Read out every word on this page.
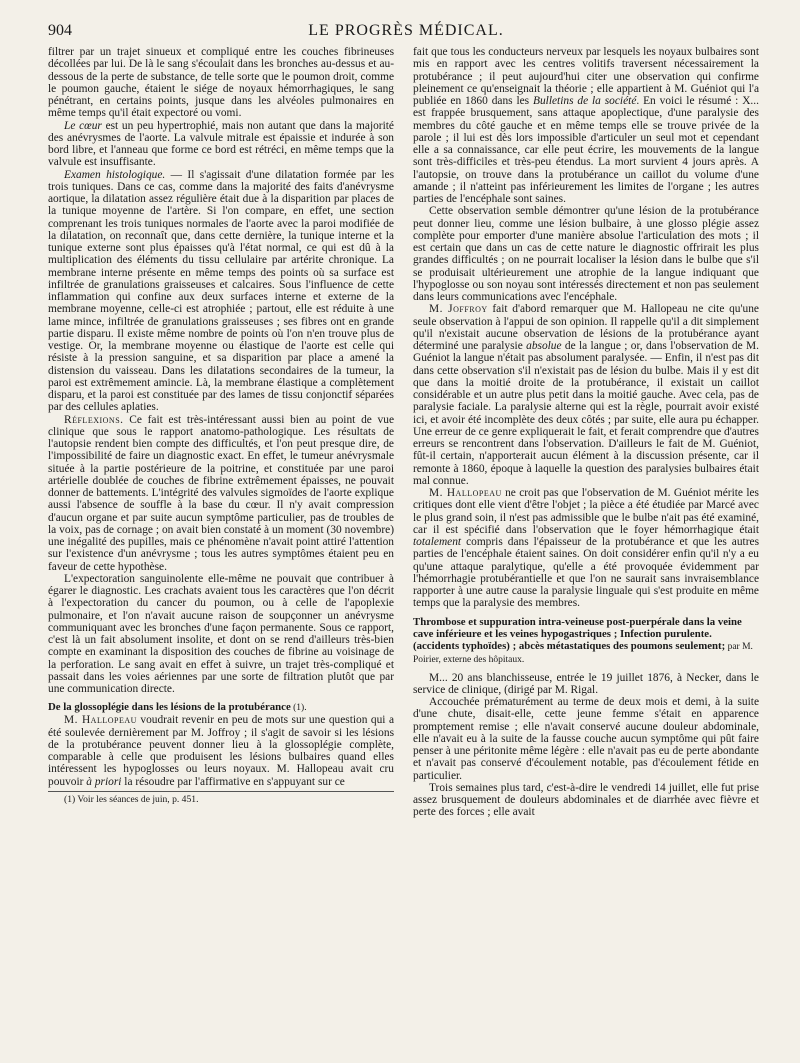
904	LE PROGRÈS MÉDICAL.

filtrer par un trajet sinueux et compliqué entre les couches fibrineuses décollées par lui. De là le sang s'écoulait dans les bronches au-dessus et au-dessous de la perte de substance, de telle sorte que le poumon droit, comme le poumon gauche, étaient le siége de noyaux hémorrhagiques, le sang pénétrant, en certains points, jusque dans les alvéoles pulmonaires en même temps qu'il était expectoré ou vomi.

Le cœur est un peu hypertrophié, mais non autant que dans la majorité des anévrysmes de l'aorte. La valvule mitrale est épaissie et indurée à son bord libre, et l'anneau que forme ce bord est rétréci, en même temps que la valvule est insuffisante.

Examen histologique. — Il s'agissait d'une dilatation formée par les trois tuniques. Dans ce cas, comme dans la majorité des faits d'anévrysme aortique, la dilatation assez régulière était due à la disparition par places de la tunique moyenne de l'artère. Si l'on compare, en effet, une section comprenant les trois tuniques normales de l'aorte avec la paroi modifiée de la dilatation, on reconnaît que, dans cette dernière, la tunique interne et la tunique externe sont plus épaisses qu'à l'état normal, ce qui est dû à la multiplication des éléments du tissu cellulaire par artérite chronique. La membrane interne présente en même temps des points où sa surface est infiltrée de granulations graisseuses et calcaires. Sous l'influence de cette inflammation qui confine aux deux surfaces interne et externe de la membrane moyenne, celle-ci est atrophiée ; partout, elle est réduite à une lame mince, infiltrée de granulations graisseuses ; ses fibres ont en grande partie disparu. Il existe même nombre de points où l'on n'en trouve plus de vestige. Or, la membrane moyenne ou élastique de l'aorte est celle qui résiste à la pression sanguine, et sa disparition par place a amené la distension du vaisseau. Dans les dilatations secondaires de la tumeur, la paroi est extrêmement amincie. Là, la membrane élastique a complètement disparu, et la paroi est constituée par des lames de tissu conjonctif séparées par des cellules aplaties.

Réflexions. Ce fait est très-intéressant aussi bien au point de vue clinique que sous le rapport anatomo-pathologique. Les résultats de l'autopsie rendent bien compte des difficultés, et l'on peut presque dire, de l'impossibilité de faire un diagnostic exact. En effet, le tumeur anévrysmale située à la partie postérieure de la poitrine, et constituée par une paroi artérielle doublée de couches de fibrine extrêmement épaisses, ne pouvait donner de battements. L'intégrité des valvules sigmoïdes de l'aorte explique aussi l'absence de souffle à la base du cœur. Il n'y avait compression d'aucun organe et par suite aucun symptôme particulier, pas de troubles de la voix, pas de cornage ; on avait bien constaté à un moment (30 novembre) une inégalité des pupilles, mais ce phénomène n'avait point attiré l'attention sur l'existence d'un anévrysme ; tous les autres symptômes étaient peu en faveur de cette hypothèse.

L'expectoration sanguinolente elle-même ne pouvait que contribuer à égarer le diagnostic. Les crachats avaient tous les caractères que l'on décrit à l'expectoration du cancer du poumon, ou à celle de l'apoplexie pulmonaire, et l'on n'avait aucune raison de soupçonner un anévrysme communiquant avec les bronches d'une façon permanente. Sous ce rapport, c'est là un fait absolument insolite, et dont on se rend d'ailleurs très-bien compte en examinant la disposition des couches de fibrine au voisinage de la perforation. Le sang avait en effet à suivre, un trajet très-compliqué et passait dans les voies aériennes par une sorte de filtration plutôt que par une communication directe.

De la glossoplégie dans les lésions de la protubérance (1).

M. Hallopeau voudrait revenir en peu de mots sur une question qui a été soulevée dernièrement par M. Joffroy ; il s'agit de savoir si les lésions de la protubérance peuvent donner lieu à la glossoplégie complète, comparable à celle que produisent les lésions bulbaires quand elles intéressent les hypoglosses ou leurs noyaux. M. Hallopeau avait cru pouvoir à priori la résoudre par l'affirmative en s'appuyant sur ce

(1) Voir les séances de juin, p. 451.

fait que tous les conducteurs nerveux par lesquels les noyaux bulbaires sont mis en rapport avec les centres volitifs traversent nécessairement la protubérance ; il peut aujourd'hui citer une observation qui confirme pleinement ce qu'enseignait la théorie ; elle appartient à M. Guéniot qui l'a publiée en 1860 dans les Bulletins de la société. En voici le résumé : X... est frappée brusquement, sans attaque apoplectique, d'une paralysie des membres du côté gauche et en même temps elle se trouve privée de la parole ; il lui est dès lors impossible d'articuler un seul mot et cependant elle a sa connaissance, car elle peut écrire, les mouvements de la langue sont très-difficiles et très-peu étendus. La mort survient 4 jours après. A l'autopsie, on trouve dans la protubérance un caillot du volume d'une amande ; il n'atteint pas inférieurement les limites de l'organe ; les autres parties de l'encéphale sont saines.

Cette observation semble démontrer qu'une lésion de la protubérance peut donner lieu, comme une lésion bulbaire, à une glosso plégie assez complète pour emporter d'une manière absolue l'articulation des mots ; il est certain que dans un cas de cette nature le diagnostic offrirait les plus grandes difficultés ; on ne pourrait localiser la lésion dans le bulbe que s'il se produisait ultérieurement une atrophie de la langue indiquant que l'hypoglosse ou son noyau sont intéressés directement et non pas seulement dans leurs communications avec l'encéphale.

M. Joffroy fait d'abord remarquer que M. Hallopeau ne cite qu'une seule observation à l'appui de son opinion. Il rappelle qu'il a dit simplement qu'il n'existait aucune observation de lésions de la protubérance ayant déterminé une paralysie absolue de la langue ; or, dans l'observation de M. Guéniot la langue n'était pas absolument paralysée. — Enfin, il n'est pas dit dans cette observation s'il n'existait pas de lésion du bulbe. Mais il y est dit que dans la moitié droite de la protubérance, il existait un caillot considérable et un autre plus petit dans la moitié gauche. Avec cela, pas de paralysie faciale. La paralysie alterne qui est la règle, pourrait avoir existé ici, et avoir été incomplète des deux côtés ; par suite, elle aura pu échapper. Une erreur de ce genre expliquerait le fait, et ferait comprendre que d'autres erreurs se rencontrent dans l'observation. D'ailleurs le fait de M. Guéniot, fût-il certain, n'apporterait aucun élément à la discussion présente, car il remonte à 1860, époque à laquelle la question des paralysies bulbaires était mal connue.

M. Hallopeau ne croit pas que l'observation de M. Guéniot mérite les critiques dont elle vient d'être l'objet ; la pièce a été étudiée par Marcé avec le plus grand soin, il n'est pas admissible que le bulbe n'ait pas été examiné, car il est spécifié dans l'observation que le foyer hémorrhagique était totalement compris dans l'épaisseur de la protubérance et que les autres parties de l'encéphale étaient saines. On doit considérer enfin qu'il n'y a eu qu'une attaque paralytique, qu'elle a été provoquée évidemment par l'hémorrhagie protubérantielle et que l'on ne saurait sans invraisemblance rapporter à une autre cause la paralysie linguale qui s'est produite en même temps que la paralysie des membres.

Thrombose et suppuration intra-veineuse post-puerpérale dans la veine cave inférieure et les veines hypogastriques ; Infection purulente. (accidents typhoïdes) ; abcès métastatiques des poumons seulement; par M. Poirier, externe des hôpitaux.

M... 20 ans blanchisseuse, entrée le 19 juillet 1876, à Necker, dans le service de clinique, (dirigé par M. Rigal.

Accouchée prématurément au terme de deux mois et demi, à la suite d'une chute, disait-elle, cette jeune femme s'était en apparence promptement remise ; elle n'avait conservé aucune douleur abdominale, elle n'avait eu à la suite de la fausse couche aucun symptôme qui pût faire penser à une péritonite même légère : elle n'avait pas eu de perte abondante et n'avait pas conservé d'écoulement notable, pas d'écoulement fétide en particulier.

Trois semaines plus tard, c'est-à-dire le vendredi 14 juillet, elle fut prise assez brusquement de douleurs abdominales et de diarrhée avec fièvre et perte des forces ; elle avait
